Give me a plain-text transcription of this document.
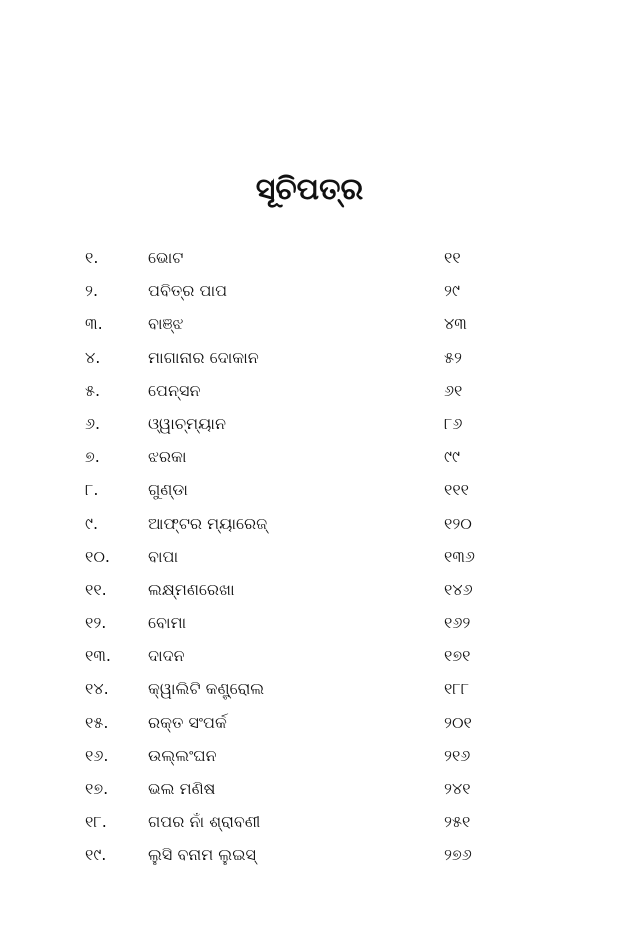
ସୂଚିପତ୍ର
୧.	ଭୋଟ	୧୧
୨.	ପବିତ୍ର ପାପ	୨୯
୩.	ବାଞ୍ଝ	୪୩
୪.	ମାଗାନାର ଦୋକାନ	୫୨
୫.	ପେନ୍‌ସନ	୬୧
୬.	ଓ୍ୱାଚ୍‌ମ୍ୟାନ	୮୬
୭.	ଝରକା	୯୯
୮.	ଗୁଣ୍ଡା	୧୧୧
୯.	ଆଫ୍ଟର ମ୍ୟାରେଜ୍	୧୨୦
୧୦. ବାପା	୧୩୬
୧୧.	ଲକ୍ଷ୍ମଣରେଖା	୧୪୬
୧୨.	ବୋମା	୧୬୨
୧୩. ଦାଦନ	୧୭୧
୧୪. କ୍ୱାଲିଟି କଣ୍ଟ୍ରୋଲ	୧୮୮
୧୫. ରକ୍ତ ସଂପର୍କ	୨୦୧
୧୬. ଉଲ୍ଲଂଘନ	୨୧୬
୧୭. ଭଲ ମଣିଷ	୨୪୧
୧୮.	ଗପର ନାଁ ଶ୍ରାବଣୀ	୨୫୧
୧୯.	ଲୁସି ବନାମ ଲୁଇସ୍	୨୭୬
